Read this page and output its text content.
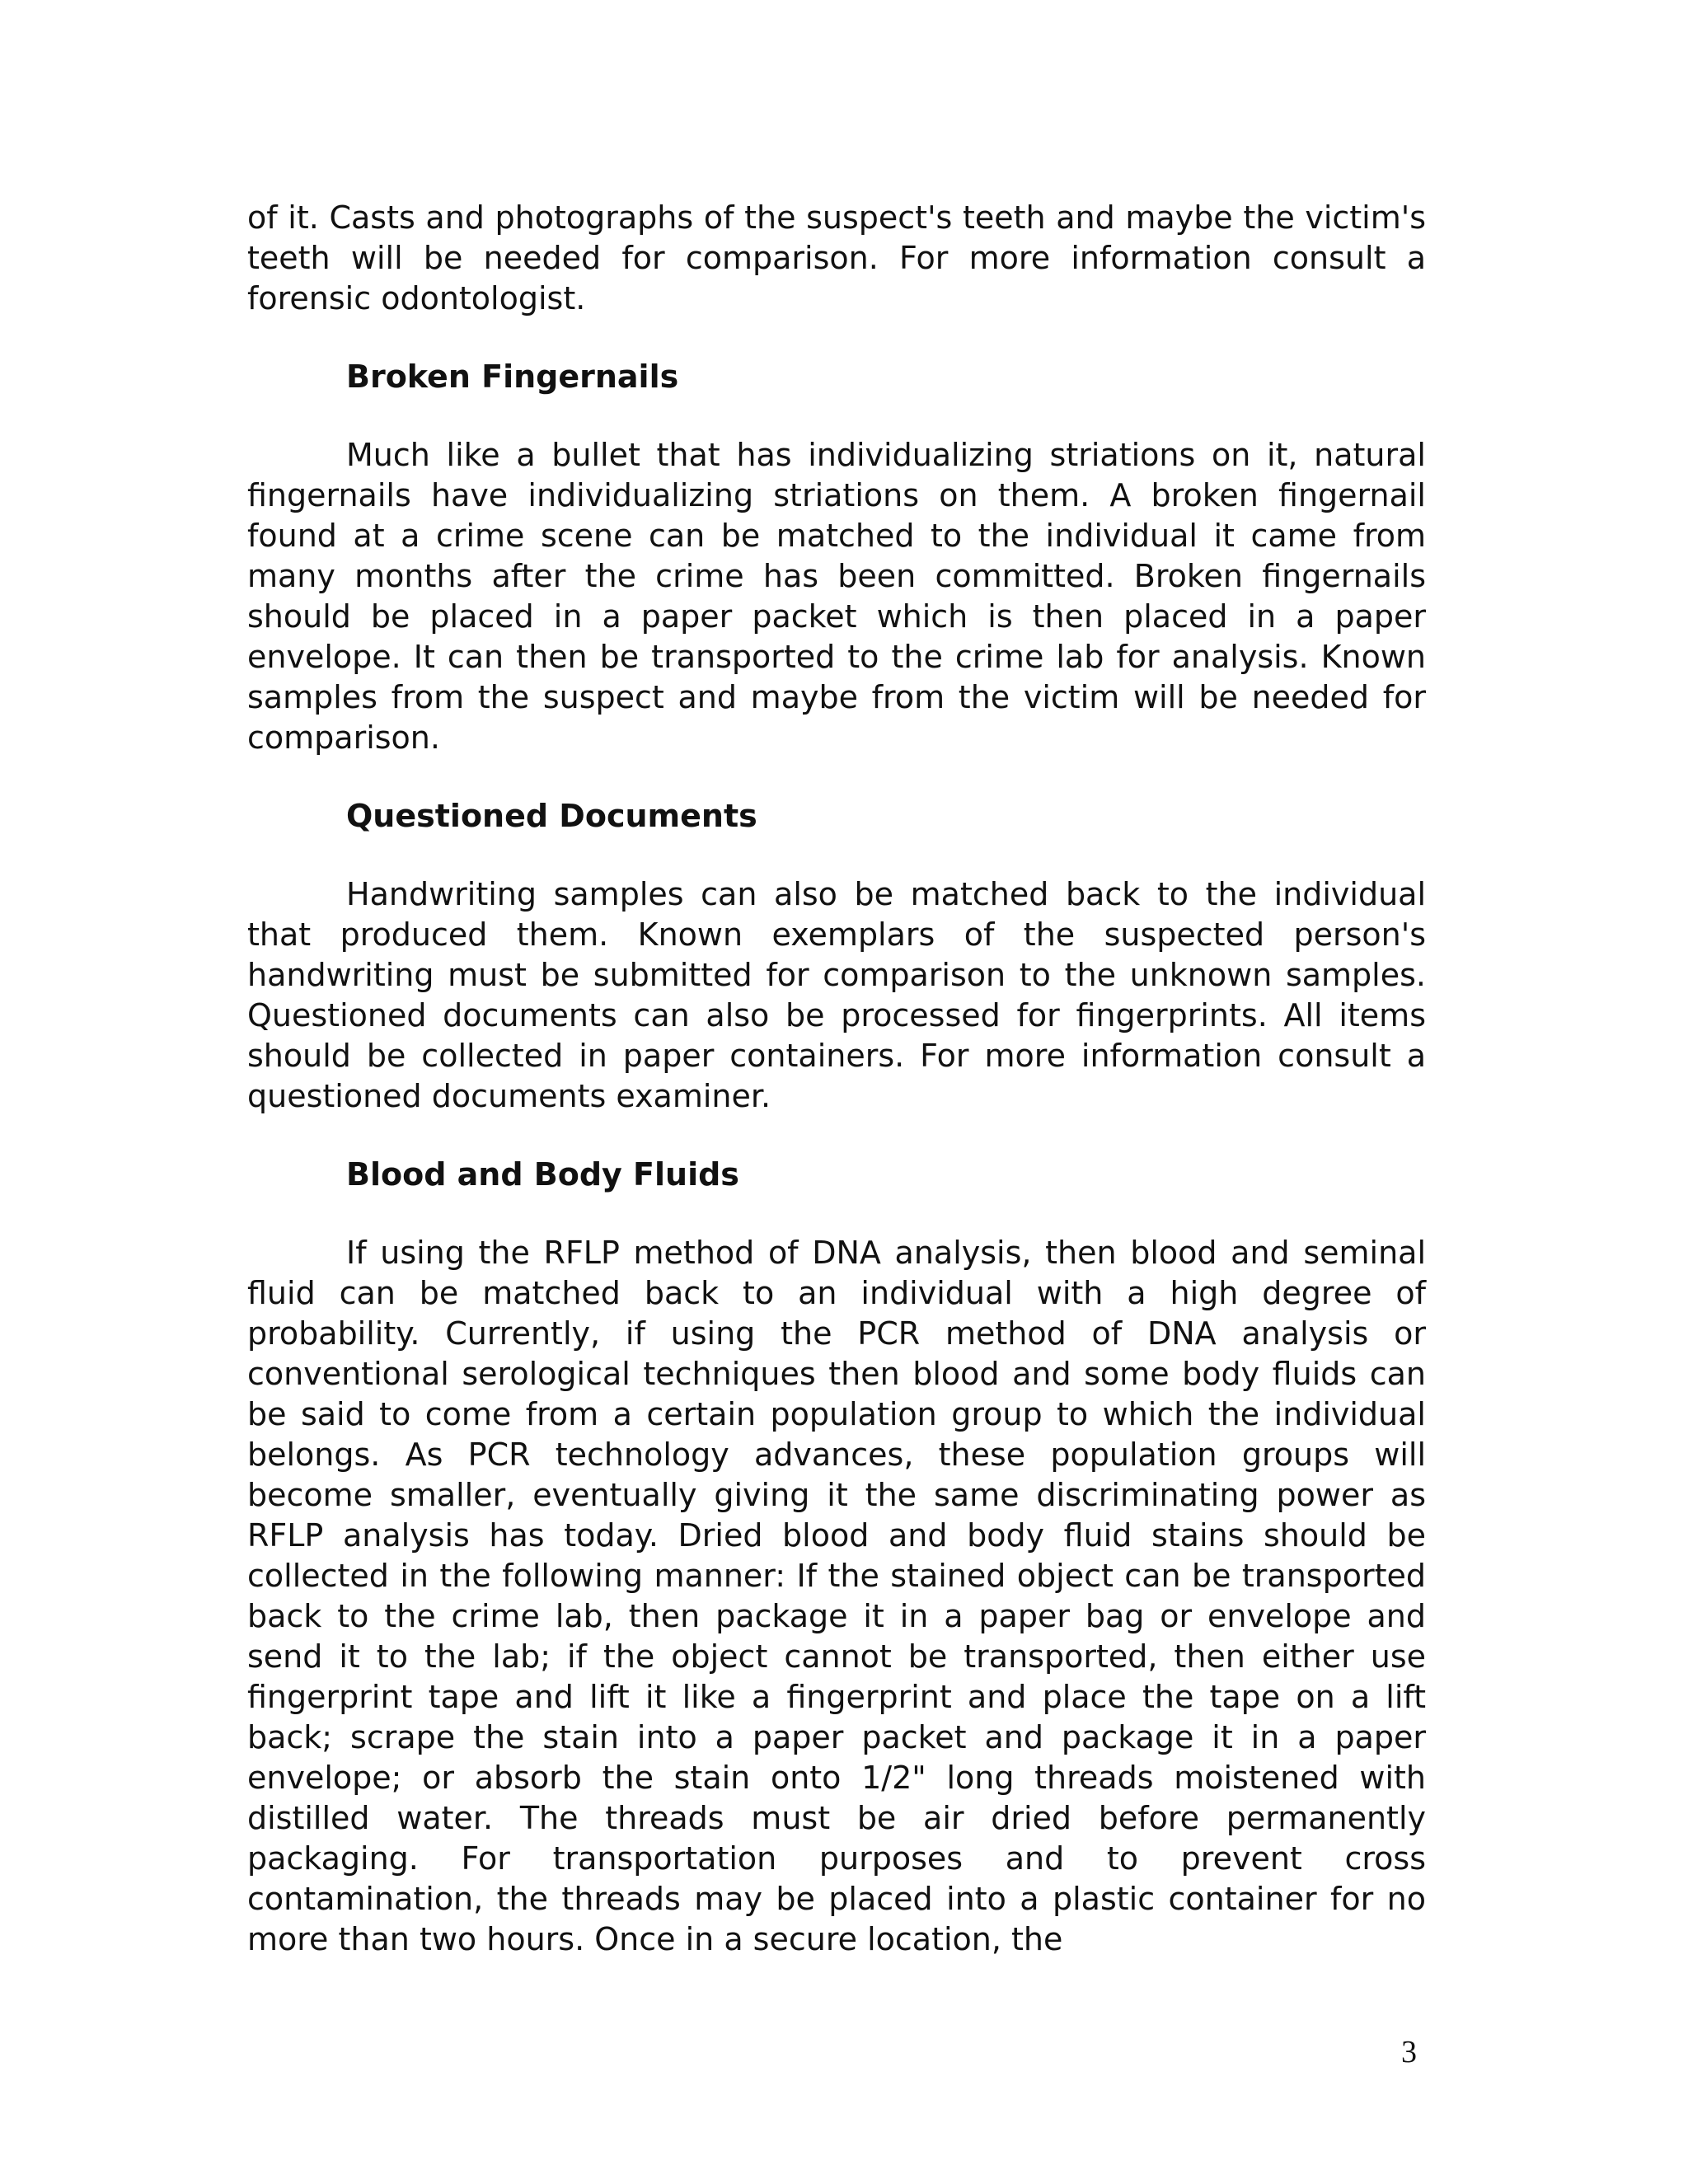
of it. Casts and photographs of the suspect's teeth and maybe the victim's teeth will be needed for comparison. For more information consult a forensic odontologist.

Broken Fingernails

Much like a bullet that has individualizing striations on it, natural fingernails have individualizing striations on them. A broken fingernail found at a crime scene can be matched to the individual it came from many months after the crime has been committed. Broken fingernails should be placed in a paper packet which is then placed in a paper envelope. It can then be transported to the crime lab for analysis. Known samples from the suspect and maybe from the victim will be needed for comparison.

Questioned Documents

Handwriting samples can also be matched back to the individual that produced them. Known exemplars of the suspected person's handwriting must be submitted for comparison to the unknown samples. Questioned documents can also be processed for fingerprints. All items should be collected in paper containers. For more information consult a questioned documents examiner.

Blood and Body Fluids

If using the RFLP method of DNA analysis, then blood and seminal fluid can be matched back to an individual with a high degree of probability. Currently, if using the PCR method of DNA analysis or conventional serological techniques then blood and some body fluids can be said to come from a certain population group to which the individual belongs. As PCR technology advances, these population groups will become smaller, eventually giving it the same discriminating power as RFLP analysis has today. Dried blood and body fluid stains should be collected in the following manner: If the stained object can be transported back to the crime lab, then package it in a paper bag or envelope and send it to the lab; if the object cannot be transported, then either use fingerprint tape and lift it like a fingerprint and place the tape on a lift back; scrape the stain into a paper packet and package it in a paper envelope; or absorb the stain onto 1/2" long threads moistened with distilled water. The threads must be air dried before permanently packaging. For transportation purposes and to prevent cross contamination, the threads may be placed into a plastic container for no more than two hours. Once in a secure location, the

3
